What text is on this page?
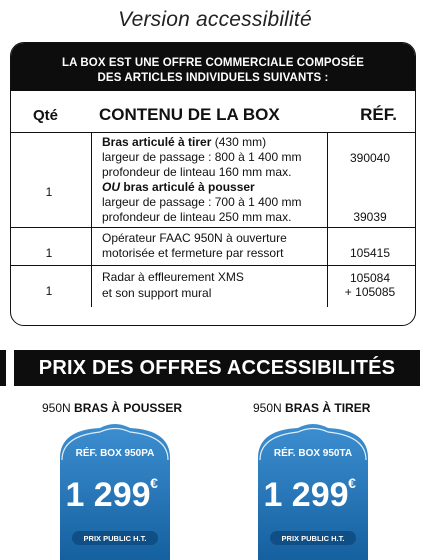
Version accessibilité
LA BOX EST UNE OFFRE COMMERCIALE COMPOSÉE
DES ARTICLES INDIVIDUELS SUIVANTS :
Qté CONTENU DE LA BOX	RÉF.
1
Bras articulé à tirer (430 mm)
largeur de passage : 800 à 1 400 mm
profondeur de linteau 160 mm max.
OU bras articulé à pousser
largeur de passage : 700 à 1 400 mm
profondeur de linteau 250 mm max.
390040
39039
1
Opérateur FAAC 950N à ouverture
motorisée et fermeture par ressort	105415
1
Radar à effleurement XMS
et son support mural
105084
+ 105085
PRIX DES OFFRES ACCESSIBILITÉS
950N BRAS À POUSSER
RÉF. BOX 950PA
1 299 €
PRIX PUBLIC H.T.
950N BRAS À TIRER
RÉF. BOX 950TA
1 299 €
PRIX PUBLIC H.T.
